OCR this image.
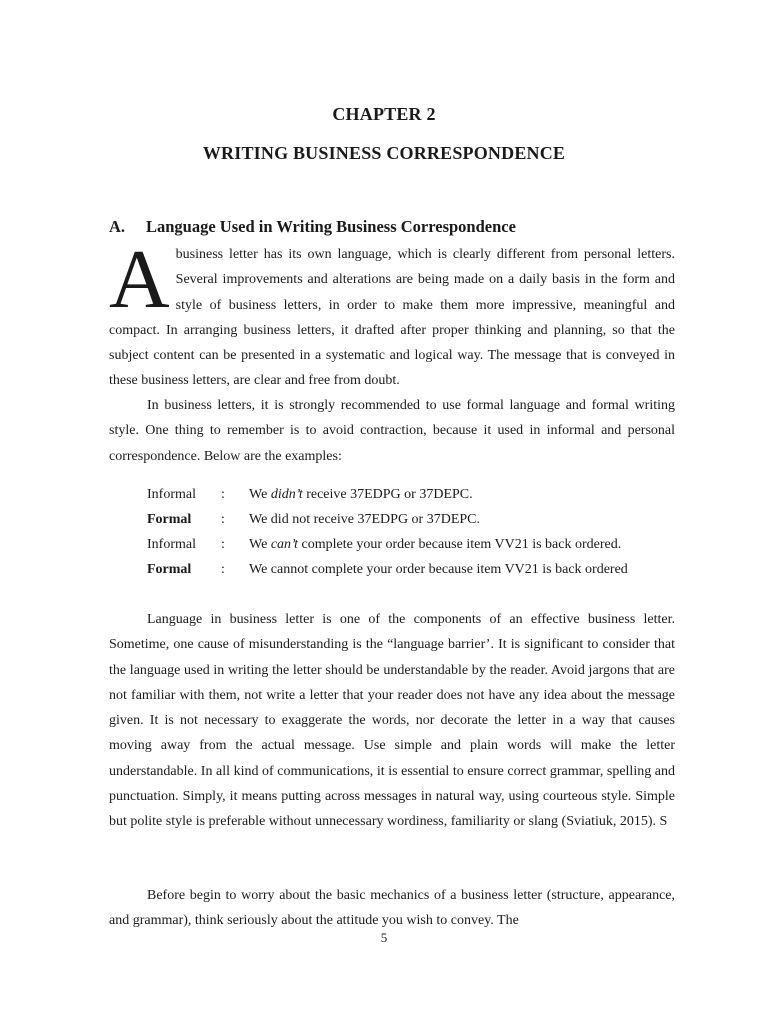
CHAPTER 2
WRITING BUSINESS CORRESPONDENCE
A. Language Used in Writing Business Correspondence
Abusiness letter has its own language, which is clearly different from personal letters. Several improvements and alterations are being made on a daily basis in the form and style of business letters, in order to make them more impressive, meaningful and compact. In arranging business letters, it drafted after proper thinking and planning, so that the subject content can be presented in a systematic and logical way. The message that is conveyed in these business letters, are clear and free from doubt.
In business letters, it is strongly recommended to use formal language and formal writing style. One thing to remember is to avoid contraction, because it used in informal and personal correspondence. Below are the examples:
Informal : We didn’t receive 37EDPG or 37DEPC.
Formal : We did not receive 37EDPG or 37DEPC.
Informal : We can’t complete your order because item VV21 is back ordered.
Formal : We cannot complete your order because item VV21 is back ordered
Language in business letter is one of the components of an effective business letter. Sometime, one cause of misunderstanding is the “language barrier’. It is significant to consider that the language used in writing the letter should be understandable by the reader. Avoid jargons that are not familiar with them, not write a letter that your reader does not have any idea about the message given. It is not necessary to exaggerate the words, nor decorate the letter in a way that causes moving away from the actual message. Use simple and plain words will make the letter understandable. In all kind of communications, it is essential to ensure correct grammar, spelling and punctuation. Simply, it means putting across messages in natural way, using courteous style. Simple but polite style is preferable without unnecessary wordiness, familiarity or slang (Sviatiuk, 2015). S
Before begin to worry about the basic mechanics of a business letter (structure, appearance, and grammar), think seriously about the attitude you wish to convey. The
5
